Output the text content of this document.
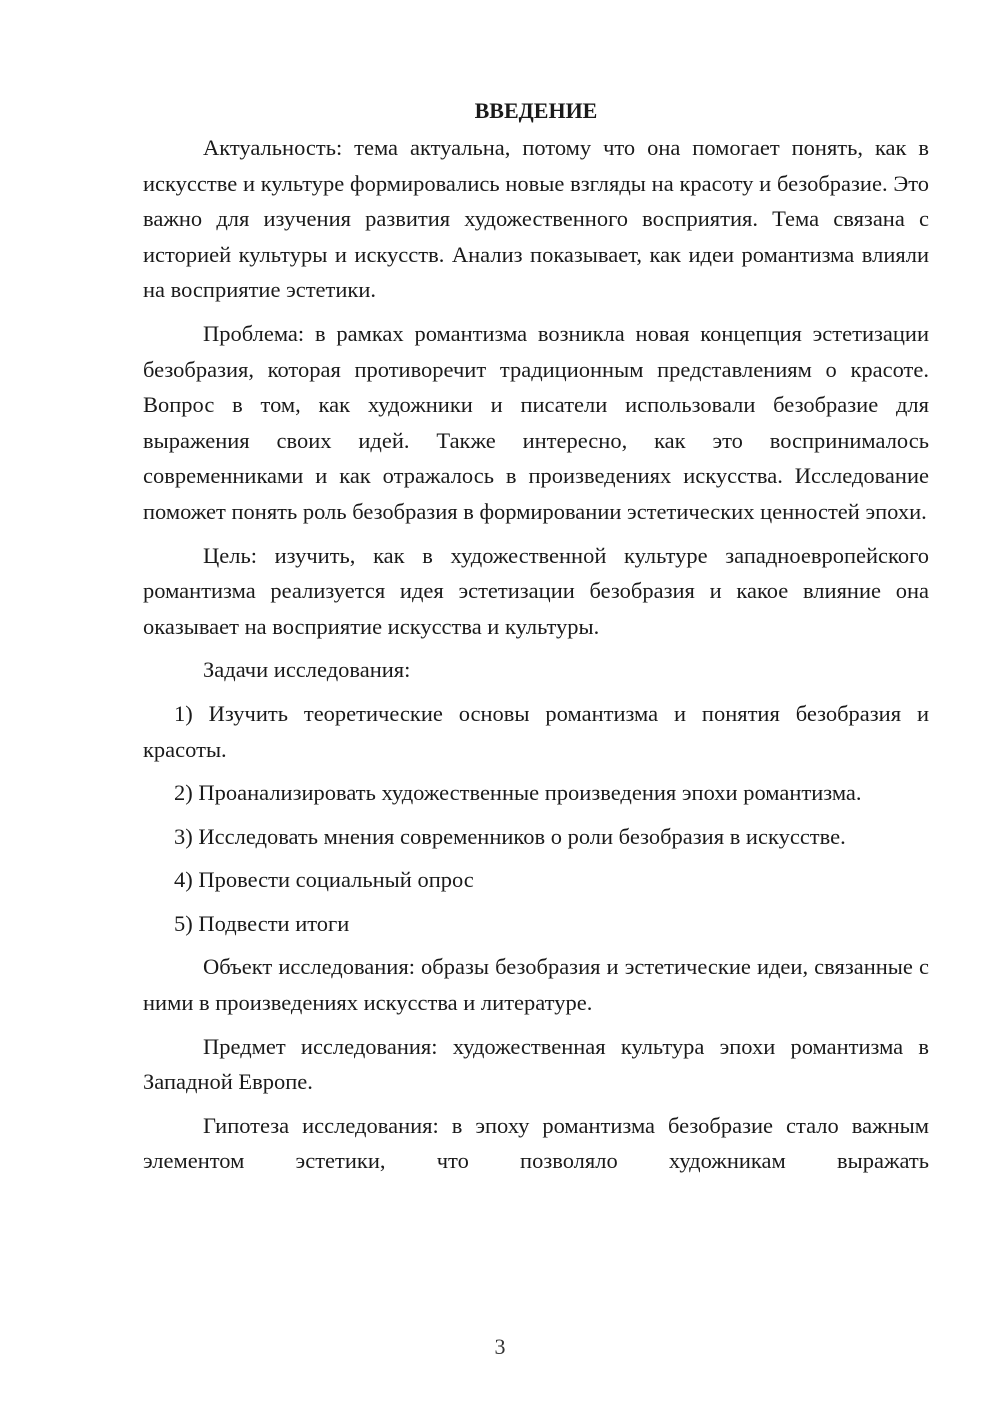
ВВЕДЕНИЕ

Актуальность: тема актуальна, потому что она помогает понять, как в искусстве и культуре формировались новые взгляды на красоту и безобразие. Это важно для изучения развития художественного восприятия. Тема связана с историей культуры и искусств. Анализ показывает, как идеи романтизма влияли на восприятие эстетики.

Проблема: в рамках романтизма возникла новая концепция эстетизации безобразия, которая противоречит традиционным представлениям о красоте. Вопрос в том, как художники и писатели использовали безобразие для выражения своих идей. Также интересно, как это воспринималось современниками и как отражалось в произведениях искусства. Исследование поможет понять роль безобразия в формировании эстетических ценностей эпохи.

Цель: изучить, как в художественной культуре западноевропейского романтизма реализуется идея эстетизации безобразия и какое влияние она оказывает на восприятие искусства и культуры.

Задачи исследования:

1) Изучить теоретические основы романтизма и понятия безобразия и красоты.

2) Проанализировать художественные произведения эпохи романтизма.

3) Исследовать мнения современников о роли безобразия в искусстве.

4) Провести социальный опрос

5) Подвести итоги

Объект исследования: образы безобразия и эстетические идеи, связанные с ними в произведениях искусства и литературе.

Предмет исследования: художественная культура эпохи романтизма в Западной Европе.

Гипотеза исследования: в эпоху романтизма безобразие стало важным элементом эстетики, что позволяло художникам выражать

3
